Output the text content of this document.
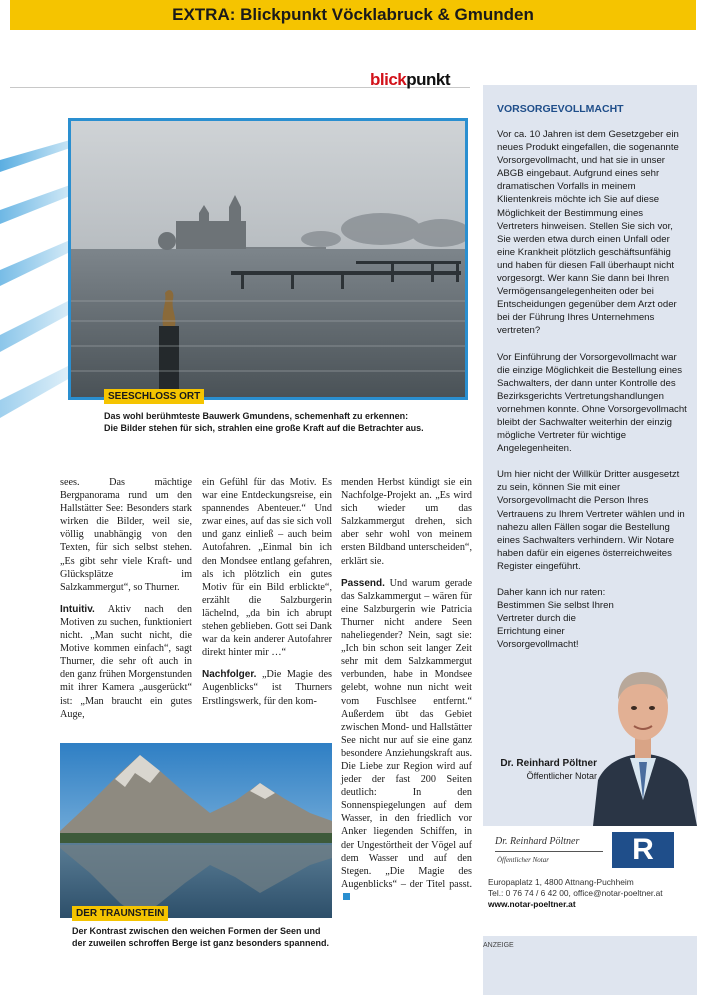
EXTRA: Blickpunkt Vöcklabruck & Gmunden
blickpunkt
SEESCHLOSS ORT
Das wohl berühmteste Bauwerk Gmundens, schemenhaft zu erkennen:
Die Bilder stehen für sich, strahlen eine große Kraft auf die Betrachter aus.

sees. Das mächtige Bergpanorama rund um den Hallstätter See: Besonders stark wirken die Bilder, weil sie, völlig unabhängig von den Texten, für sich selbst stehen. „Es gibt sehr viele Kraft- und Glücksplätze im Salzkammergut“, so Thurner.

Intuitiv. Aktiv nach den Motiven zu suchen, funktioniert nicht. „Man sucht nicht, die Motive kommen einfach“, sagt Thurner, die sehr oft auch in den ganz frühen Morgenstunden mit ihrer Kamera „ausgerückt“ ist: „Man braucht ein gutes Auge,

ein Gefühl für das Motiv. Es war eine Entdeckungsreise, ein spannendes Abenteuer.“ Und zwar eines, auf das sie sich voll und ganz einließ – auch beim Autofahren. „Einmal bin ich den Mondsee entlang gefahren, als ich plötzlich ein gutes Motiv für ein Bild erblickte“, erzählt die Salzburgerin lächelnd, „da bin ich abrupt stehen geblieben. Gott sei Dank war da kein anderer Autofahrer direkt hinter mir …“

Nachfolger. „Die Magie des Augenblicks“ ist Thurners Erstlingswerk, für den kom-

menden Herbst kündigt sie ein Nachfolge-Projekt an. „Es wird sich wieder um das Salzkammergut drehen, sich aber sehr wohl von meinem ersten Bildband unterscheiden“, erklärt sie.

Passend. Und warum gerade das Salzkammergut – wären für eine Salzburgerin wie Patricia Thurner nicht andere Seen naheliegender? Nein, sagt sie: „Ich bin schon seit langer Zeit sehr mit dem Salzkammergut verbunden, habe in Mondsee gelebt, wohne nun nicht weit vom Fuschlsee entfernt.“ Außerdem übt das Gebiet zwischen Mond- und Hallstätter See nicht nur auf sie eine ganz besondere Anziehungskraft aus. Die Liebe zur Region wird auf jeder der fast 200 Seiten deutlich: In den Sonnenspiegelungen auf dem Wasser, in den friedlich vor Anker liegenden Schiffen, in der Ungestörtheit der Vögel auf dem Wasser und auf den Stegen. „Die Magie des Augenblicks“ – der Titel passt.

DER TRAUNSTEIN
Der Kontrast zwischen den weichen Formen der Seen und
der zuweilen schroffen Berge ist ganz besonders spannend.
VORSORGEVOLLMACHT

Vor ca. 10 Jahren ist dem Gesetzgeber ein neues Produkt eingefallen, die sogenannte Vorsorgevollmacht, und hat sie in unser ABGB eingebaut. Aufgrund eines sehr dramatischen Vorfalls in meinem Klientenkreis möchte ich Sie auf diese Möglichkeit der Bestimmung eines Vertreters hinweisen. Stellen Sie sich vor, Sie werden etwa durch einen Unfall oder eine Krankheit plötzlich geschäftsunfähig und haben für diesen Fall überhaupt nicht vorgesorgt. Wer kann Sie dann bei Ihren Vermögensangelegenheiten oder bei Entscheidungen gegenüber dem Arzt oder bei der Führung Ihres Unternehmens vertreten?

Vor Einführung der Vorsorgevollmacht war die einzige Möglichkeit die Bestellung eines Sachwalters, der dann unter Kontrolle des Bezirksgerichts Vertretungshandlungen vornehmen konnte. Ohne Vorsorgevollmacht bleibt der Sachwalter weiterhin der einzig mögliche Vertreter für wichtige Angelegenheiten.

Um hier nicht der Willkür Dritter ausgesetzt zu sein, können Sie mit einer Vorsorgevollmacht die Person Ihres Vertrauens zu Ihrem Vertreter wählen und in nahezu allen Fällen sogar die Bestellung eines Sachwalters verhindern. Wir Notare haben dafür ein eigenes österreichweites Register eingeführt.

Daher kann ich nur raten: Bestimmen Sie selbst Ihren Vertreter durch die Errichtung einer Vorsorgevollmacht!

Dr. Reinhard Pöltner
Öffentlicher Notar
Dr. Reinhard Pöltner
Öffentlicher Notar	R
Europaplatz 1, 4800 Attnang-Puchheim
Tel.: 0 76 74 / 6 42 00, office@notar-poeltner.at
www.notar-poeltner.at
ANZEIGE
